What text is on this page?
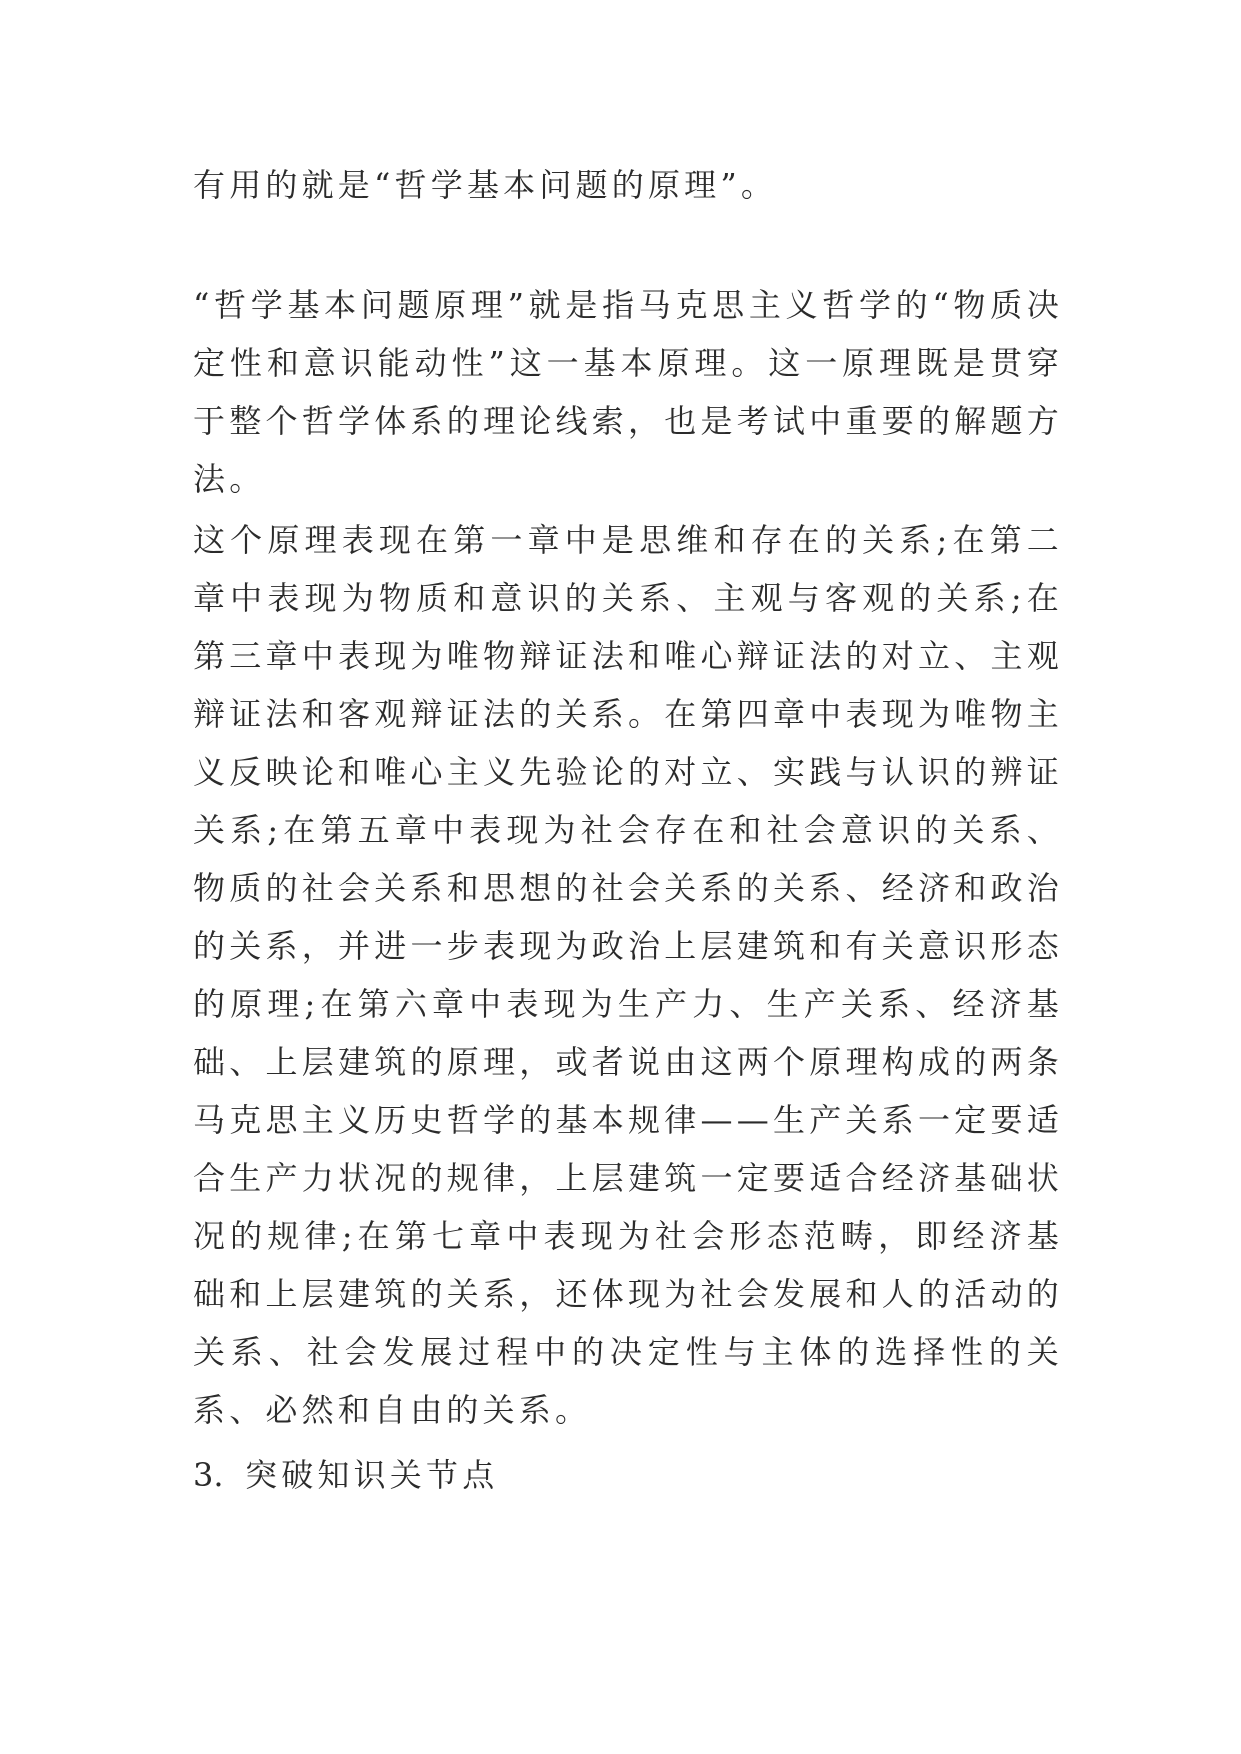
有用的就是“哲学基本问题的原理”。

“哲学基本问题原理”就是指马克思主义哲学的“物质决定性和意识能动性”这一基本原理。这一原理既是贯穿于整个哲学体系的理论线索，也是考试中重要的解题方法。

这个原理表现在第一章中是思维和存在的关系;在第二章中表现为物质和意识的关系、主观与客观的关系;在第三章中表现为唯物辩证法和唯心辩证法的对立、主观辩证法和客观辩证法的关系。在第四章中表现为唯物主义反映论和唯心主义先验论的对立、实践与认识的辨证关系;在第五章中表现为社会存在和社会意识的关系、物质的社会关系和思想的社会关系的关系、经济和政治的关系，并进一步表现为政治上层建筑和有关意识形态的原理;在第六章中表现为生产力、生产关系、经济基础、上层建筑的原理，或者说由这两个原理构成的两条马克思主义历史哲学的基本规律——生产关系一定要适合生产力状况的规律，上层建筑一定要适合经济基础状况的规律;在第七章中表现为社会形态范畴，即经济基础和上层建筑的关系，还体现为社会发展和人的活动的关系、社会发展过程中的决定性与主体的选择性的关系、必然和自由的关系。

3. 突破知识关节点
